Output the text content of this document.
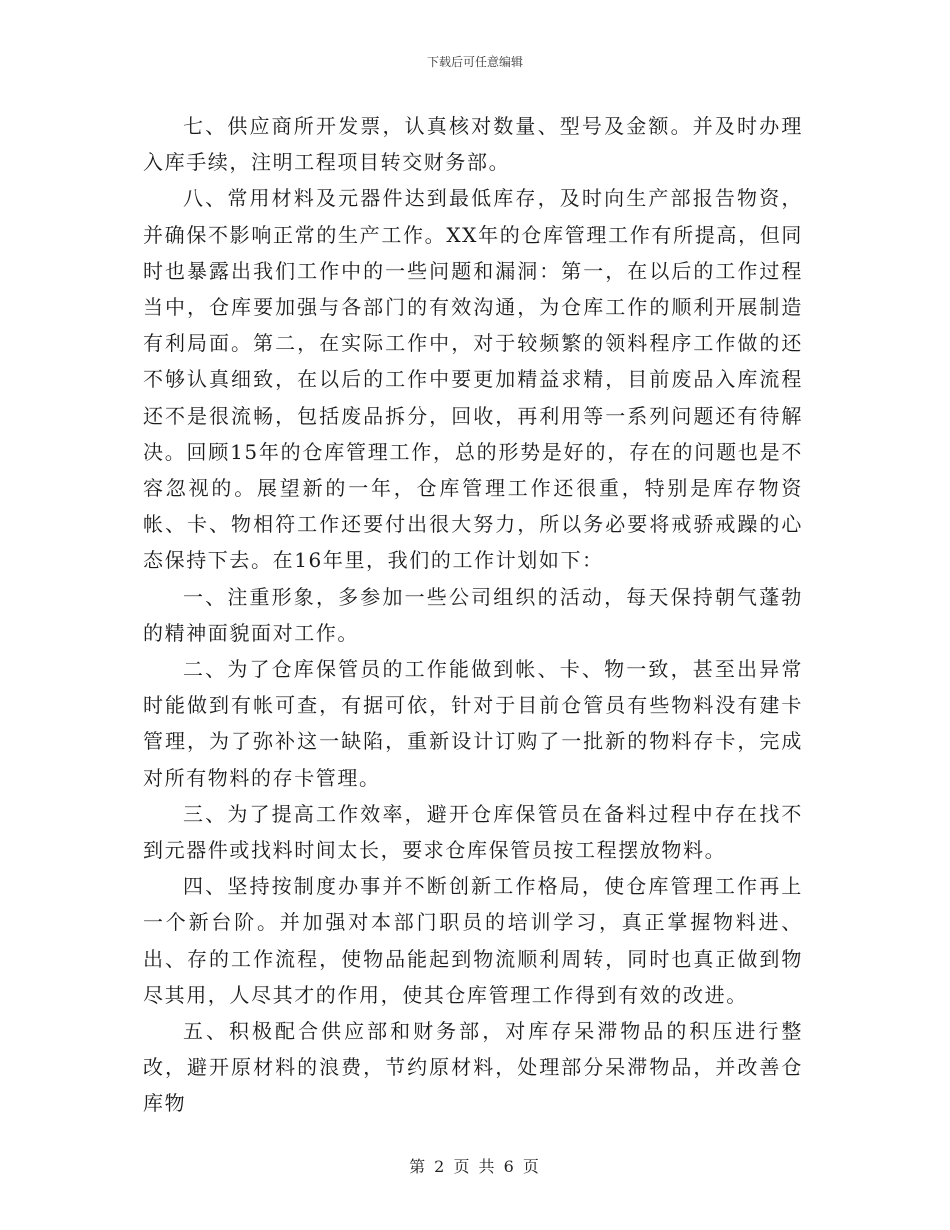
下载后可任意编辑

七、供应商所开发票，认真核对数量、型号及金额。并及时办理入库手续，注明工程项目转交财务部。

八、常用材料及元器件达到最低库存，及时向生产部报告物资，并确保不影响正常的生产工作。XX年的仓库管理工作有所提高，但同时也暴露出我们工作中的一些问题和漏洞：第一，在以后的工作过程当中，仓库要加强与各部门的有效沟通，为仓库工作的顺利开展制造有利局面。第二，在实际工作中，对于较频繁的领料程序工作做的还不够认真细致，在以后的工作中要更加精益求精，目前废品入库流程还不是很流畅，包括废品拆分，回收，再利用等一系列问题还有待解决。回顾15年的仓库管理工作，总的形势是好的，存在的问题也是不容忽视的。展望新的一年，仓库管理工作还很重，特别是库存物资帐、卡、物相符工作还要付出很大努力，所以务必要将戒骄戒躁的心态保持下去。在16年里，我们的工作计划如下：

一、注重形象，多参加一些公司组织的活动，每天保持朝气蓬勃的精神面貌面对工作。

二、为了仓库保管员的工作能做到帐、卡、物一致，甚至出异常时能做到有帐可查，有据可依，针对于目前仓管员有些物料没有建卡管理，为了弥补这一缺陷，重新设计订购了一批新的物料存卡，完成对所有物料的存卡管理。

三、为了提高工作效率，避开仓库保管员在备料过程中存在找不到元器件或找料时间太长，要求仓库保管员按工程摆放物料。

四、坚持按制度办事并不断创新工作格局，使仓库管理工作再上一个新台阶。并加强对本部门职员的培训学习，真正掌握物料进、出、存的工作流程，使物品能起到物流顺利周转，同时也真正做到物尽其用，人尽其才的作用，使其仓库管理工作得到有效的改进。

五、积极配合供应部和财务部，对库存呆滞物品的积压进行整改，避开原材料的浪费，节约原材料，处理部分呆滞物品，并改善仓库物

第 2 页 共 6 页
